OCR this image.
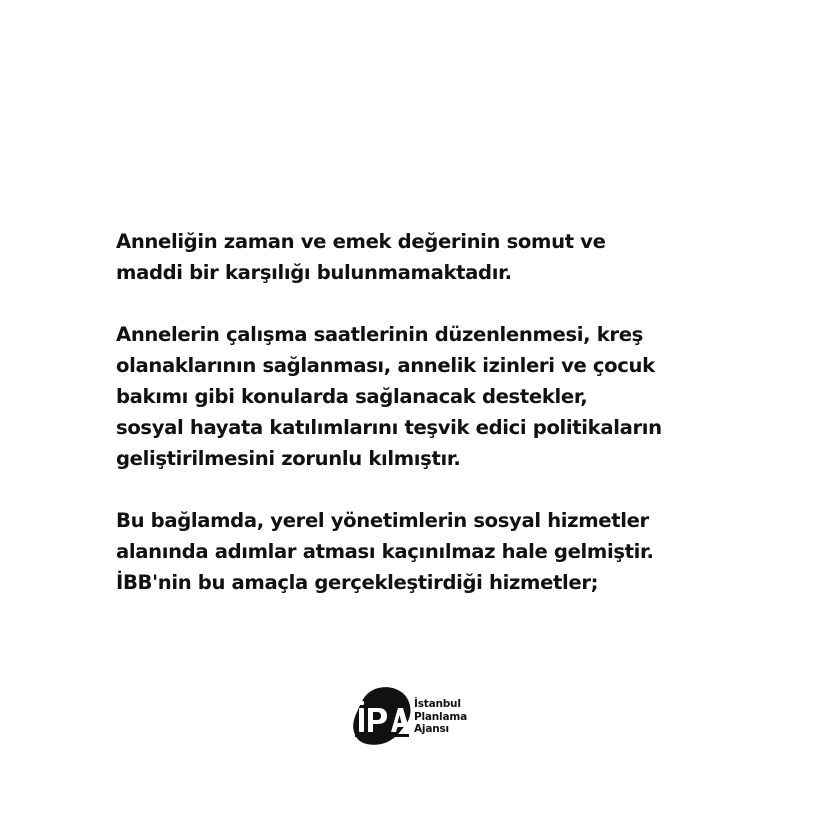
Anneliğin zaman ve emek değerinin somut ve
maddi bir karşılığı bulunmamaktadır.

Annelerin çalışma saatlerinin düzenlenmesi, kreş
olanaklarının sağlanması, annelik izinleri ve çocuk
bakımı gibi konularda sağlanacak destekler,
sosyal hayata katılımlarını teşvik edici politikaların
geliştirilmesini zorunlu kılmıştır.

Bu bağlamda, yerel yönetimlerin sosyal hizmetler
alanında adımlar atması kaçınılmaz hale gelmiştir.
İBB'nin bu amaçla gerçekleştirdiği hizmetler;

İstanbul
Planlama
Ajansı
